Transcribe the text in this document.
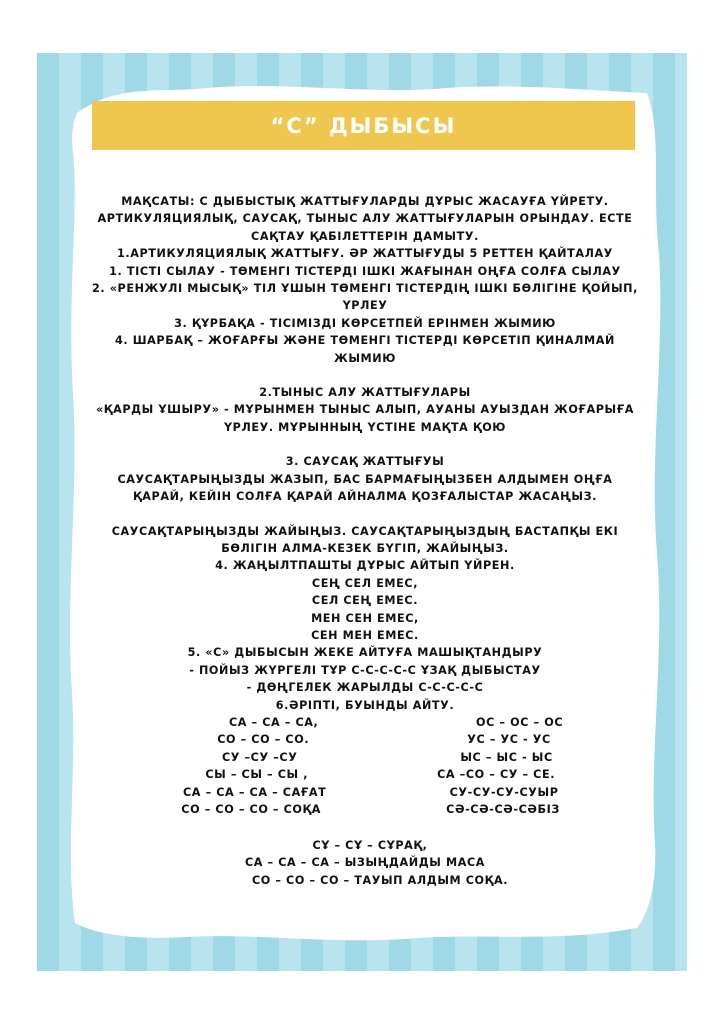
“С” ДЫБЫСЫ
МАҚСАТЫ: С ДЫБЫСТЫҚ ЖАТТЫҒУЛАРДЫ ДҰРЫС ЖАСАУҒА ҮЙРЕТУ.
АРТИКУЛЯЦИЯЛЫҚ, САУСАҚ, ТЫНЫС АЛУ ЖАТТЫҒУЛАРЫН ОРЫНДАУ. ЕСТЕ
САҚТАУ ҚАБІЛЕТТЕРІН ДАМЫТУ.
1.АРТИКУЛЯЦИЯЛЫҚ ЖАТТЫҒУ. ӘР ЖАТТЫҒУДЫ 5 РЕТТЕН ҚАЙТАЛАУ
1. ТІСТІ СЫЛАУ - ТӨМЕНГІ ТІСТЕРДІ ІШКІ ЖАҒЫНАН ОҢҒА СОЛҒА СЫЛАУ
2. «РЕНЖУЛІ МЫСЫҚ» ТІЛ ҰШЫН ТӨМЕНГІ ТІСТЕРДІҢ ІШКІ БӨЛІГІНЕ ҚОЙЫП,
ҮРЛЕУ
3. ҚҰРБАҚА - ТІСІМІЗДІ КӨРСЕТПЕЙ ЕРІНМЕН ЖЫМИЮ
4. ШАРБАҚ – ЖОҒАРҒЫ ЖӘНЕ ТӨМЕНГІ ТІСТЕРДІ КӨРСЕТІП ҚИНАЛМАЙ
ЖЫМИЮ
2.ТЫНЫС АЛУ ЖАТТЫҒУЛАРЫ
«ҚАРДЫ ҰШЫРУ» - МҰРЫНМЕН ТЫНЫС АЛЫП, АУАНЫ АУЫЗДАН ЖОҒАРЫҒА
ҮРЛЕУ. МҰРЫННЫҢ ҮСТІНЕ МАҚТА ҚОЮ
3. САУСАҚ ЖАТТЫҒУЫ
САУСАҚТАРЫҢЫЗДЫ ЖАЗЫП, БАС БАРМАҒЫҢЫЗБЕН АЛДЫМЕН ОҢҒА
ҚАРАЙ, КЕЙІН СОЛҒА ҚАРАЙ АЙНАЛМА ҚОЗҒАЛЫСТАР ЖАСАҢЫЗ.
САУСАҚТАРЫҢЫЗДЫ ЖАЙЫҢЫЗ. САУСАҚТАРЫҢЫЗДЫҢ БАСТАПҚЫ ЕКІ
БӨЛІГІН АЛМА-КЕЗЕК БҮГІП, ЖАЙЫҢЫЗ.
4. ЖАҢЫЛТПАШТЫ ДҰРЫС АЙТЫП ҮЙРЕН.
СЕҢ СЕЛ ЕМЕС,
СЕЛ СЕҢ ЕМЕС.
МЕН СЕН ЕМЕС,
СЕН МЕН ЕМЕС.
5. «С» ДЫБЫСЫН ЖЕКЕ АЙТУҒА МАШЫҚТАНДЫРУ
- ПОЙЫЗ ЖҮРГЕЛІ ТҰР С-С-С-С-С ҰЗАҚ ДЫБЫСТАУ
- ДӨҢГЕЛЕК ЖАРЫЛДЫ С-С-С-С-С
6.ӘРІПТІ, БУЫНДЫ АЙТУ.
СА – СА – СА,
СО – СО – СО.
СУ –СУ –СУ
СЫ – СЫ – СЫ ,
СА – СА – СА – САҒАТ
СО – СО – СО – СОҚА
ОС – ОС – ОС
УС – УС - УС
ЫС – ЫС - ЫС
СА –СО – СУ – СЕ.
СУ-СУ-СУ-СУЫР
СӘ-СӘ-СӘ-СӘБІЗ
СҰ – СҰ – СҰРАҚ,
СА – СА – СА – ЫЗЫҢДАЙДЫ МАСА
СО – СО – СО – ТАУЫП АЛДЫМ СОҚА.
